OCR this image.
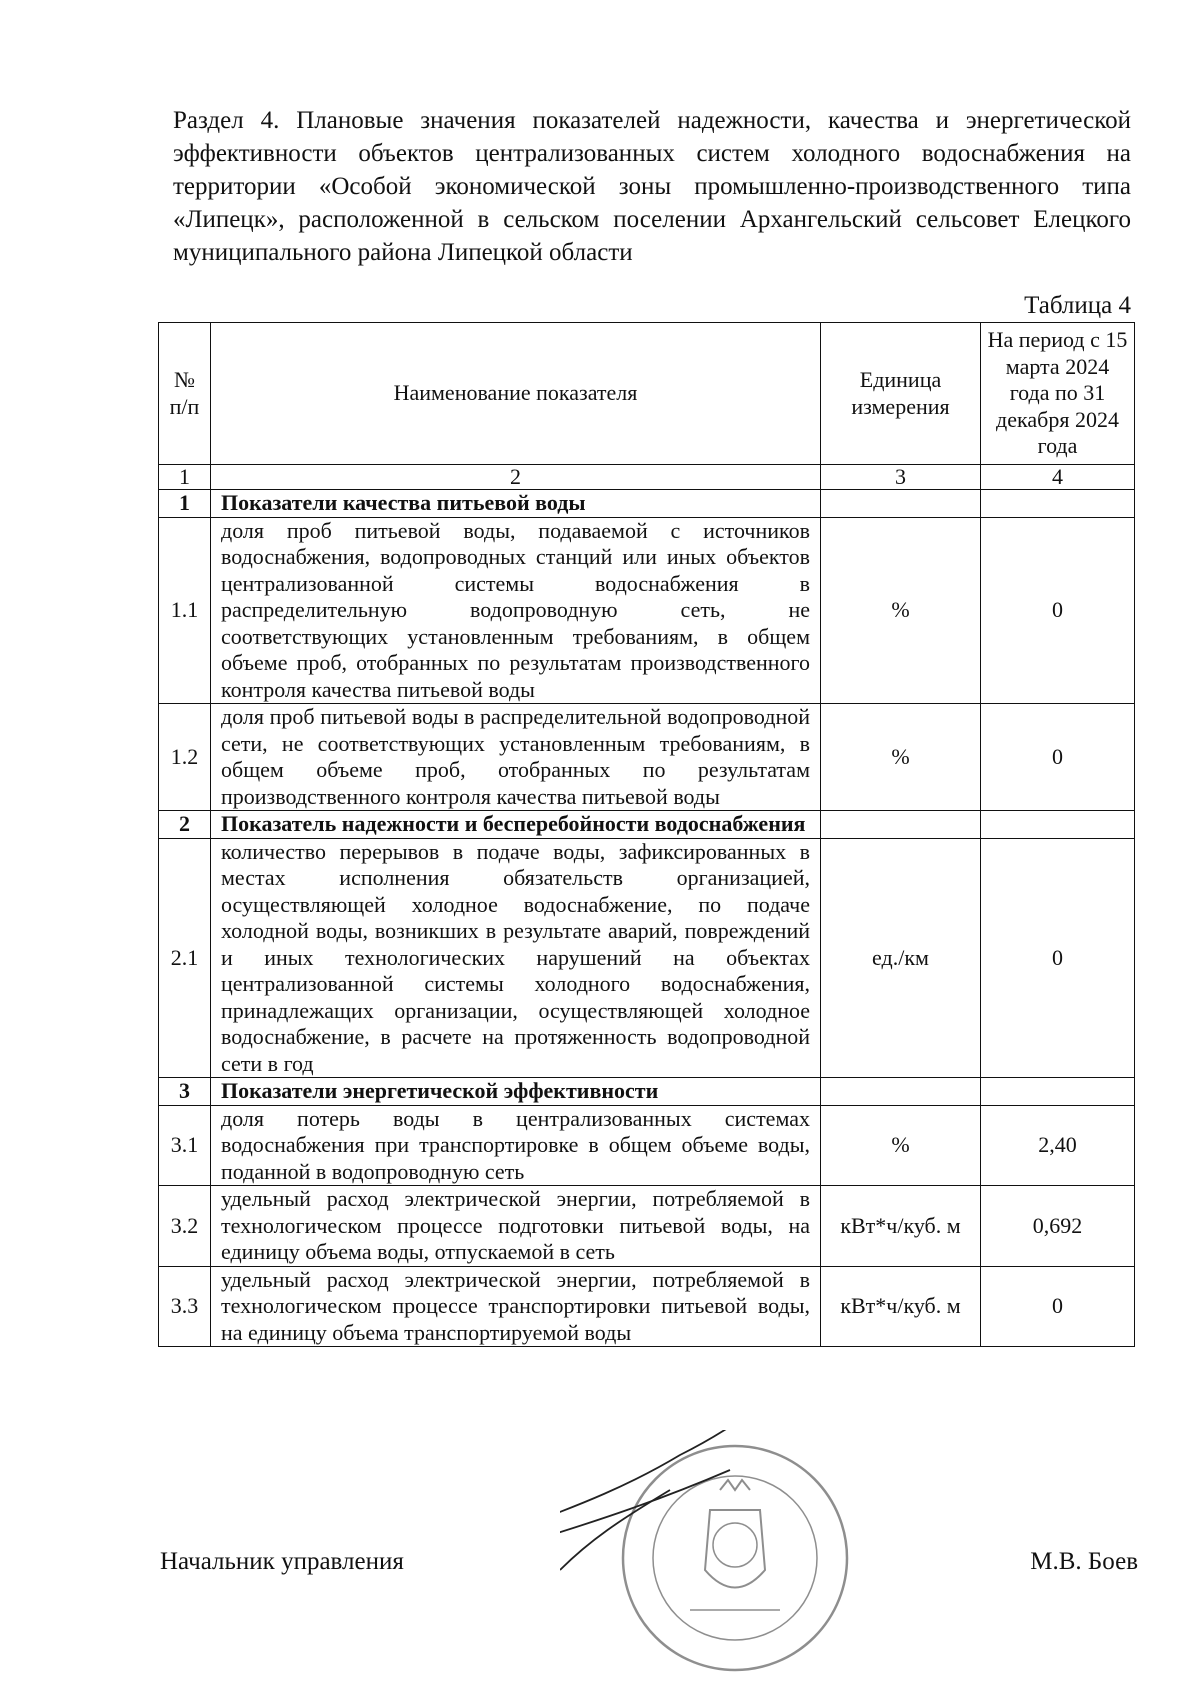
Раздел 4. Плановые значения показателей надежности, качества и энергетической эффективности объектов централизованных систем холодного водоснабжения на территории «Особой экономической зоны промышленно-производственного типа «Липецк», расположенной в сельском поселении Архангельский сельсовет Елецкого муниципального района Липецкой области
Таблица 4
№ п/п	Наименование показателя	Единица измерения	На период с 15 марта 2024 года по 31 декабря 2024 года
1	2	3	4
1	Показатели качества питьевой воды		
1.1	доля проб питьевой воды, подаваемой с источников водоснабжения, водопроводных станций или иных объектов централизованной системы водоснабжения в распределительную водопроводную сеть, не соответствующих установленным требованиям, в общем объеме проб, отобранных по результатам производственного контроля качества питьевой воды	%	0
1.2	доля проб питьевой воды в распределительной водопроводной сети, не соответствующих установленным требованиям, в общем объеме проб, отобранных по результатам производственного контроля качества питьевой воды	%	0
2	Показатель надежности и бесперебойности водоснабжения		
2.1	количество перерывов в подаче воды, зафиксированных в местах исполнения обязательств организацией, осуществляющей холодное водоснабжение, по подаче холодной воды, возникших в результате аварий, повреждений и иных технологических нарушений на объектах централизованной системы холодного водоснабжения, принадлежащих организации, осуществляющей холодное водоснабжение, в расчете на протяженность водопроводной сети в год	ед./км	0
3	Показатели энергетической эффективности		
3.1	доля потерь воды в централизованных системах водоснабжения при транспортировке в общем объеме воды, поданной в водопроводную сеть	%	2,40
3.2	удельный расход электрической энергии, потребляемой в технологическом процессе подготовки питьевой воды, на единицу объема воды, отпускаемой в сеть	кВт*ч/куб. м	0,692
3.3	удельный расход электрической энергии, потребляемой в технологическом процессе транспортировки питьевой воды, на единицу объема транспортируемой воды	кВт*ч/куб. м	0
Начальник управления	М.В. Боев
